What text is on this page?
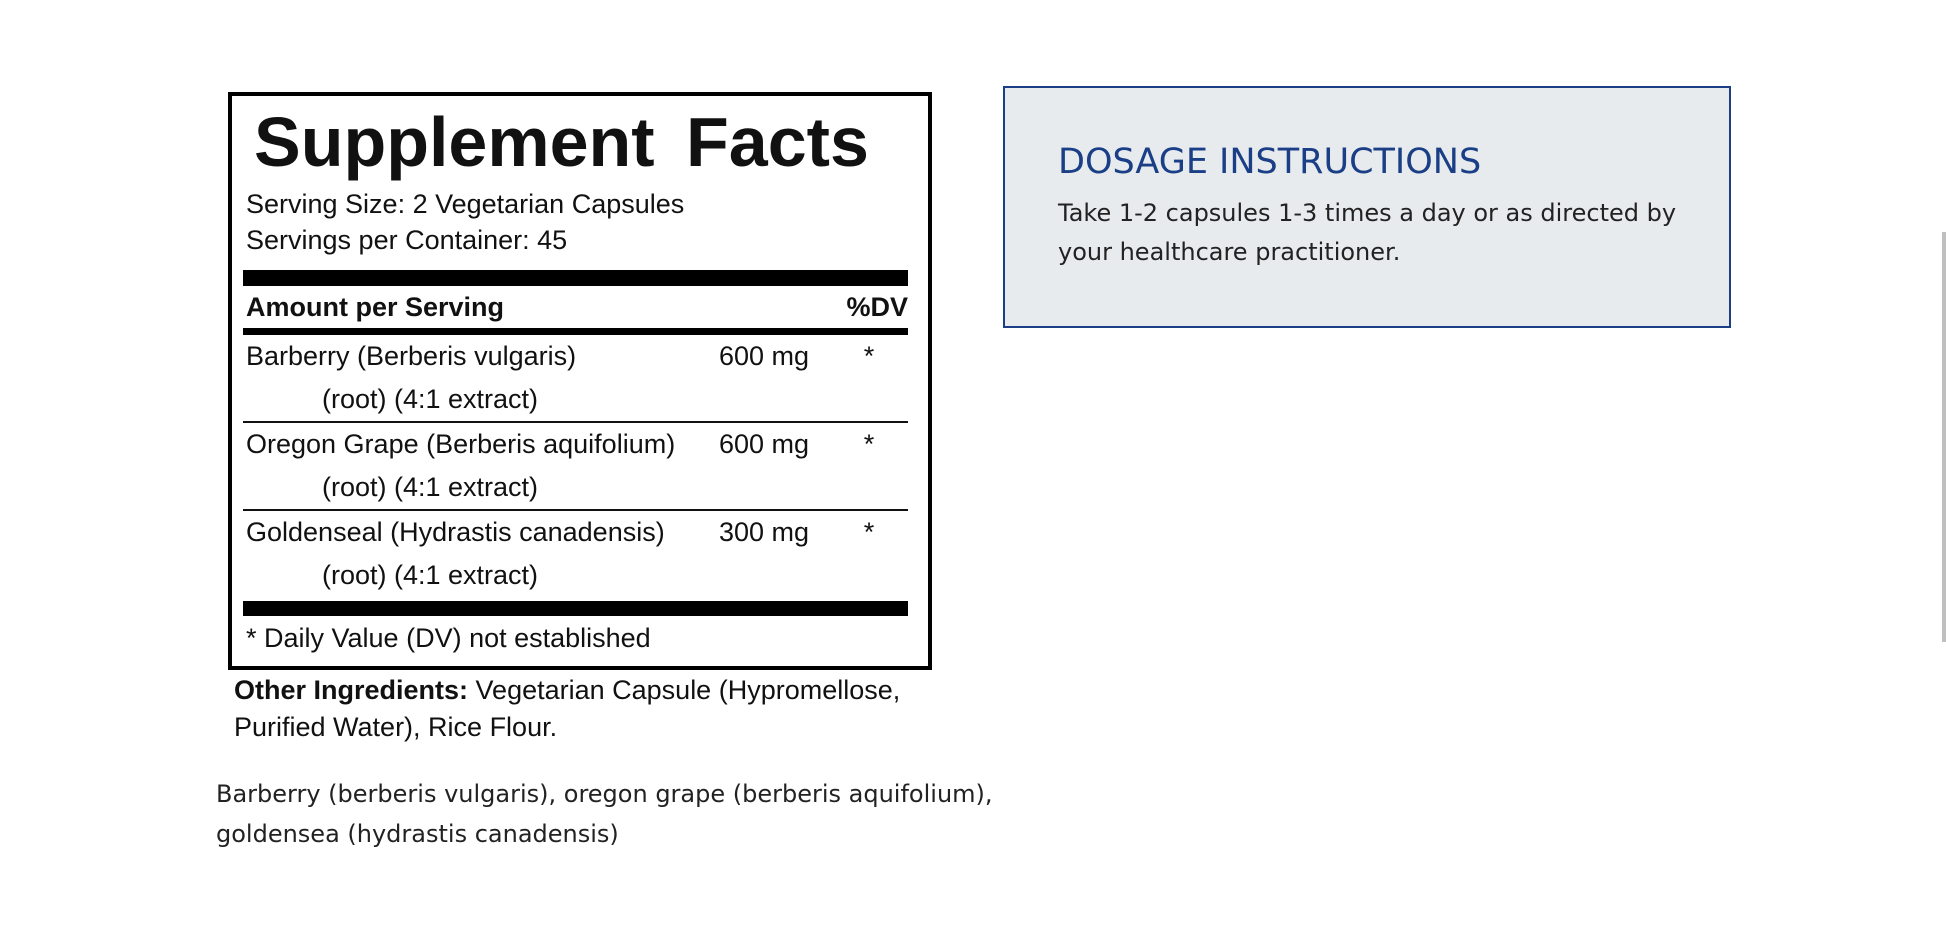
Supplement Facts
Serving Size: 2 Vegetarian Capsules
Servings per Container: 45
Amount per Serving	%DV
Barberry (Berberis vulgaris)	600 mg	*
(root) (4:1 extract)
Oregon Grape (Berberis aquifolium)	600 mg	*
(root) (4:1 extract)
Goldenseal (Hydrastis canadensis)	300 mg	*
(root) (4:1 extract)
* Daily Value (DV) not established
Other Ingredients: Vegetarian Capsule (Hypromellose, Purified Water), Rice Flour.
Barberry (berberis vulgaris), oregon grape (berberis aquifolium), goldensea (hydrastis canadensis)
DOSAGE INSTRUCTIONS
Take 1-2 capsules 1-3 times a day or as directed by your healthcare practitioner.
